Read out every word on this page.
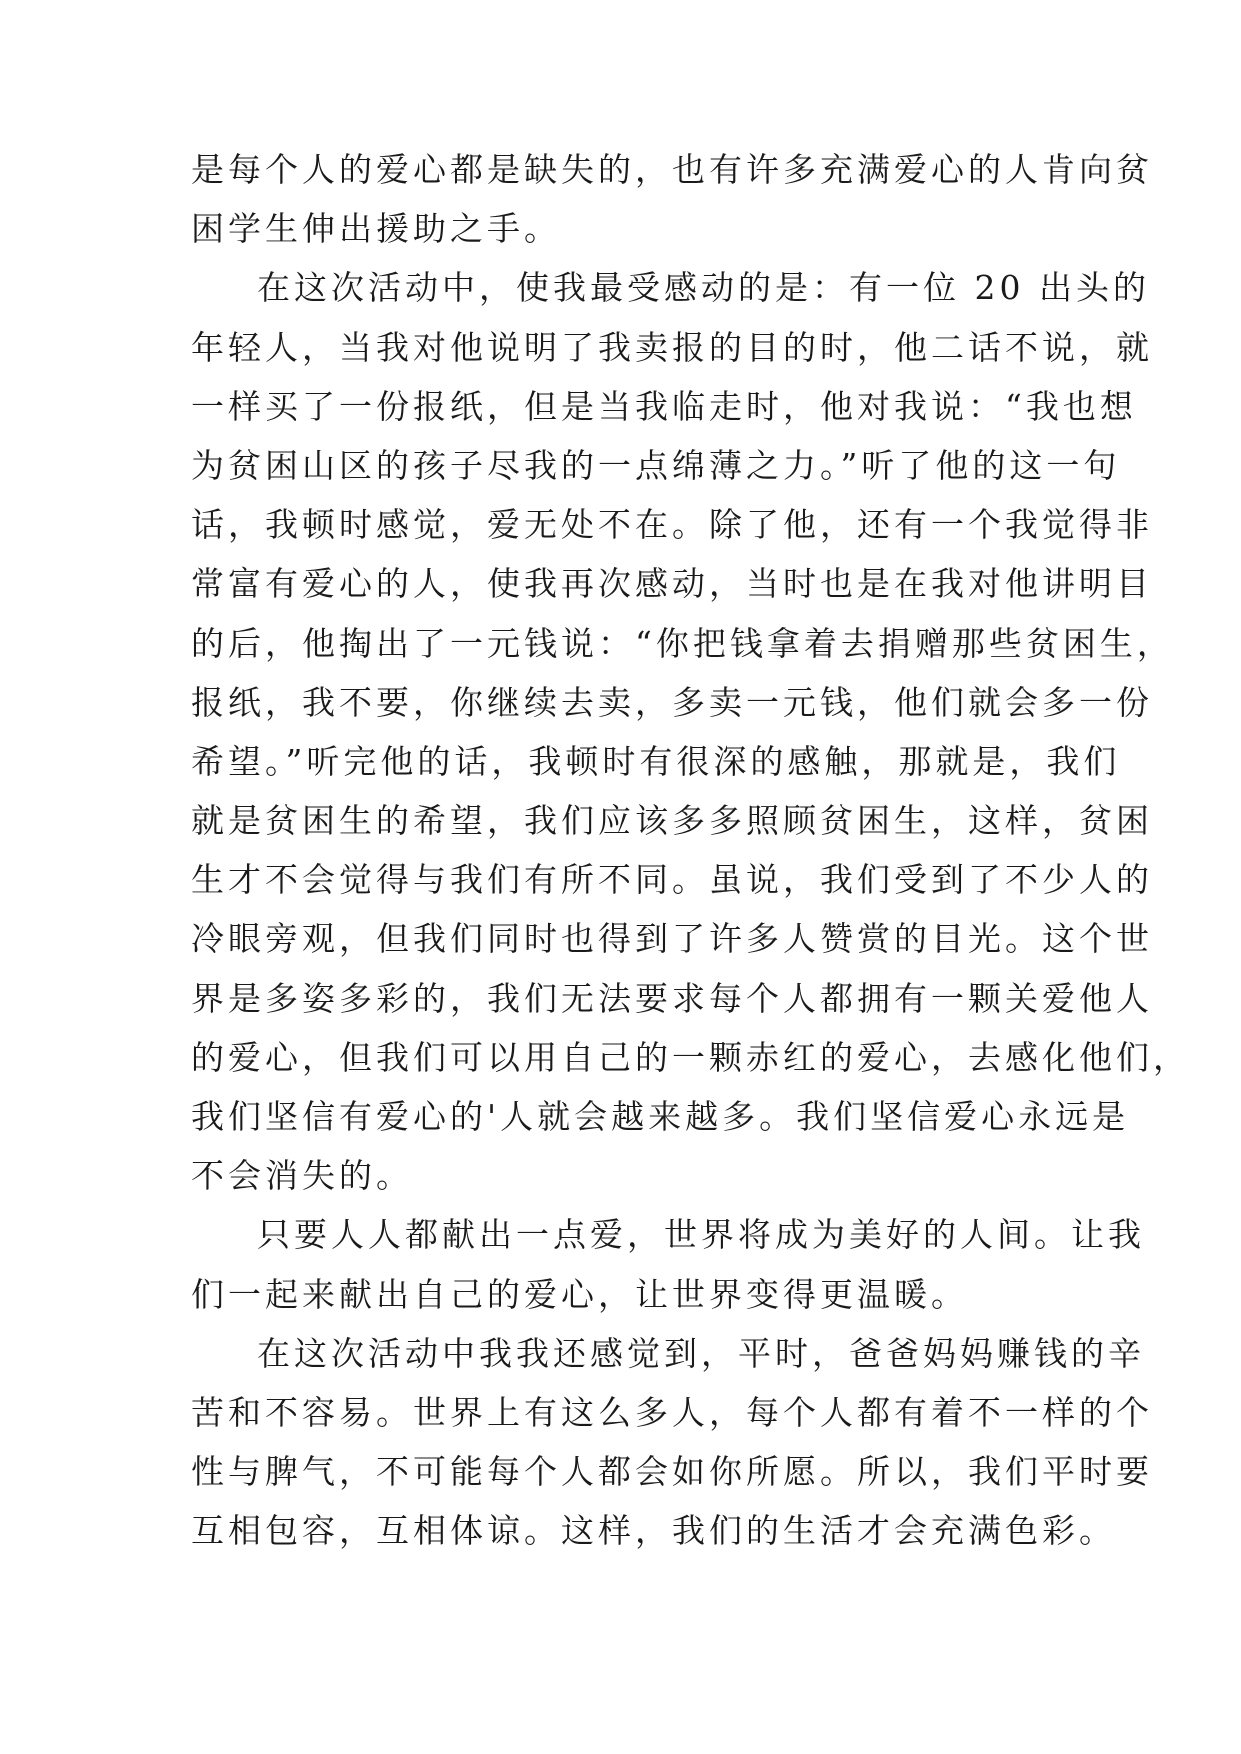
是每个人的爱心都是缺失的，也有许多充满爱心的人肯向贫
困学生伸出援助之手。
在这次活动中，使我最受感动的是：有一位 20 出头的
年轻人，当我对他说明了我卖报的目的时，他二话不说，就
一样买了一份报纸，但是当我临走时，他对我说：“我也想
为贫困山区的孩子尽我的一点绵薄之力。”听了他的这一句
话，我顿时感觉，爱无处不在。除了他，还有一个我觉得非
常富有爱心的人，使我再次感动，当时也是在我对他讲明目
的后，他掏出了一元钱说：“你把钱拿着去捐赠那些贫困生，
报纸，我不要，你继续去卖，多卖一元钱，他们就会多一份
希望。”听完他的话，我顿时有很深的感触，那就是，我们
就是贫困生的希望，我们应该多多照顾贫困生，这样，贫困
生才不会觉得与我们有所不同。虽说，我们受到了不少人的
冷眼旁观，但我们同时也得到了许多人赞赏的目光。这个世
界是多姿多彩的，我们无法要求每个人都拥有一颗关爱他人
的爱心，但我们可以用自己的一颗赤红的爱心，去感化他们，
我们坚信有爱心的'人就会越来越多。我们坚信爱心永远是
不会消失的。
只要人人都献出一点爱，世界将成为美好的人间。让我
们一起来献出自己的爱心，让世界变得更温暖。
在这次活动中我我还感觉到，平时，爸爸妈妈赚钱的辛
苦和不容易。世界上有这么多人，每个人都有着不一样的个
性与脾气，不可能每个人都会如你所愿。所以，我们平时要
互相包容，互相体谅。这样，我们的生活才会充满色彩。
